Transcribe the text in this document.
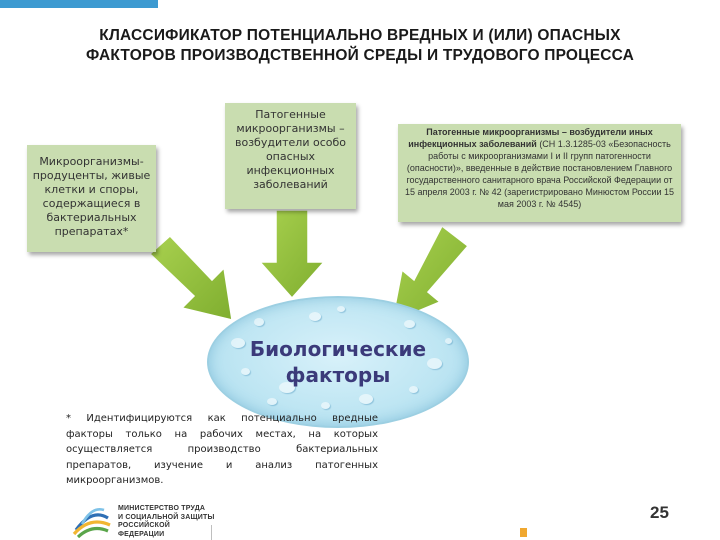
КЛАССИФИКАТОР ПОТЕНЦИАЛЬНО ВРЕДНЫХ И (ИЛИ) ОПАСНЫХ
ФАКТОРОВ ПРОИЗВОДСТВЕННОЙ СРЕДЫ И ТРУДОВОГО ПРОЦЕССА
Микроорганизмы-продуценты, живые клетки и споры, содержащиеся в бактериальных препаратах*
Патогенные микроорганизмы – возбудители особо опасных инфекционных заболеваний
Патогенные микроорганизмы – возбудители иных инфекционных заболеваний (СН 1.3.1285-03 «Безопасность работы с микроорганизмами I и II групп патогенности (опасности)», введенные в действие постановлением Главного государственного санитарного врача Российской Федерации от 15 апреля 2003 г. № 42 (зарегистрировано Минюстом России 15 мая 2003 г. № 4545)
Биологические
факторы
* Идентифицируются как потенциально вредные факторы только на рабочих местах, на которых осуществляется производство бактериальных препаратов, изучение и анализ патогенных микроорганизмов.
МИНИСТЕРСТВО ТРУДА
И СОЦИАЛЬНОЙ ЗАЩИТЫ
РОССИЙСКОЙ ФЕДЕРАЦИИ
25
